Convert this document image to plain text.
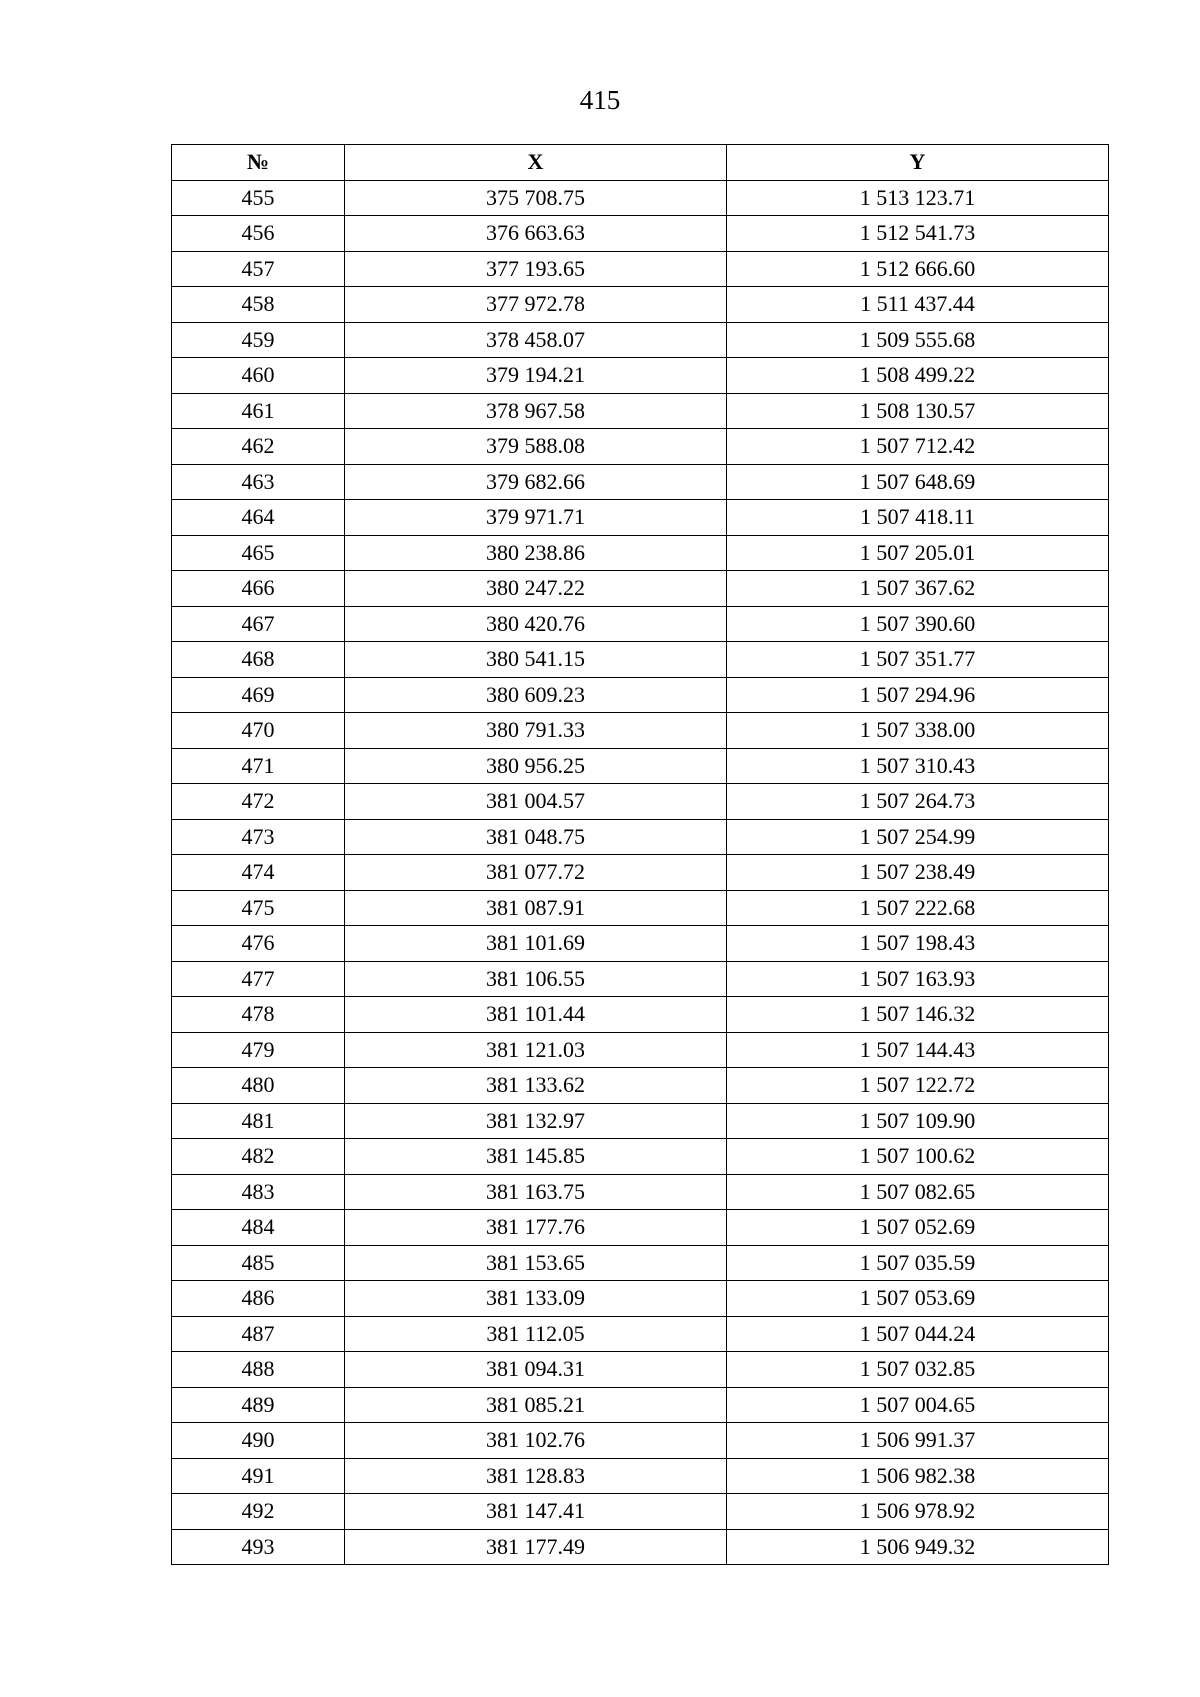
415
№	X	Y
455	375 708.75	1 513 123.71
456	376 663.63	1 512 541.73
457	377 193.65	1 512 666.60
458	377 972.78	1 511 437.44
459	378 458.07	1 509 555.68
460	379 194.21	1 508 499.22
461	378 967.58	1 508 130.57
462	379 588.08	1 507 712.42
463	379 682.66	1 507 648.69
464	379 971.71	1 507 418.11
465	380 238.86	1 507 205.01
466	380 247.22	1 507 367.62
467	380 420.76	1 507 390.60
468	380 541.15	1 507 351.77
469	380 609.23	1 507 294.96
470	380 791.33	1 507 338.00
471	380 956.25	1 507 310.43
472	381 004.57	1 507 264.73
473	381 048.75	1 507 254.99
474	381 077.72	1 507 238.49
475	381 087.91	1 507 222.68
476	381 101.69	1 507 198.43
477	381 106.55	1 507 163.93
478	381 101.44	1 507 146.32
479	381 121.03	1 507 144.43
480	381 133.62	1 507 122.72
481	381 132.97	1 507 109.90
482	381 145.85	1 507 100.62
483	381 163.75	1 507 082.65
484	381 177.76	1 507 052.69
485	381 153.65	1 507 035.59
486	381 133.09	1 507 053.69
487	381 112.05	1 507 044.24
488	381 094.31	1 507 032.85
489	381 085.21	1 507 004.65
490	381 102.76	1 506 991.37
491	381 128.83	1 506 982.38
492	381 147.41	1 506 978.92
493	381 177.49	1 506 949.32
